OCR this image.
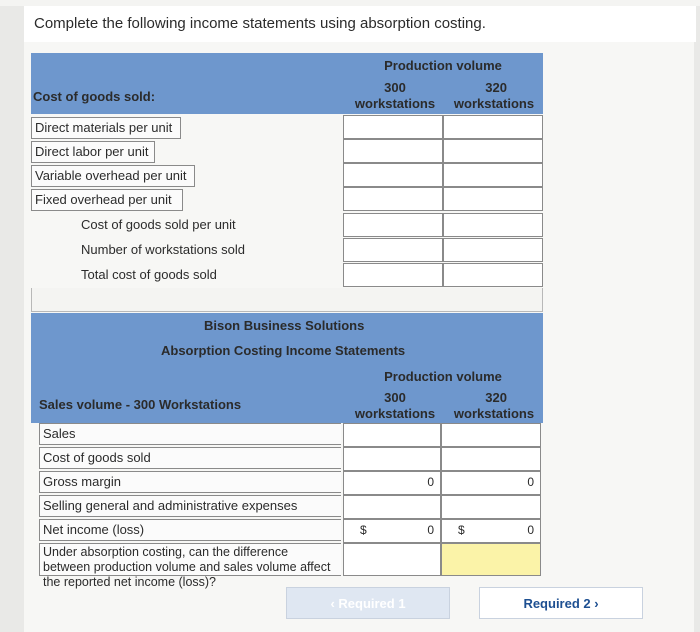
Complete the following income statements using absorption costing.
Production volume
300
workstations
320
workstations
Cost of goods sold:
Direct materials per unit
Direct labor per unit
Variable overhead per unit
Fixed overhead per unit
Cost of goods sold per unit
Number of workstations sold
Total cost of goods sold
Bison Business Solutions
Absorption Costing Income Statements
Production volume
300
workstations
320
workstations
Sales volume - 300 Workstations
Sales
Cost of goods sold
Gross margin	0	0
Selling general and administrative expenses
Net income (loss)	$	0 $	0
Under absorption costing, can the difference between production volume and sales volume affect the reported net income (loss)?
‹ Required 1	Required 2 ›
